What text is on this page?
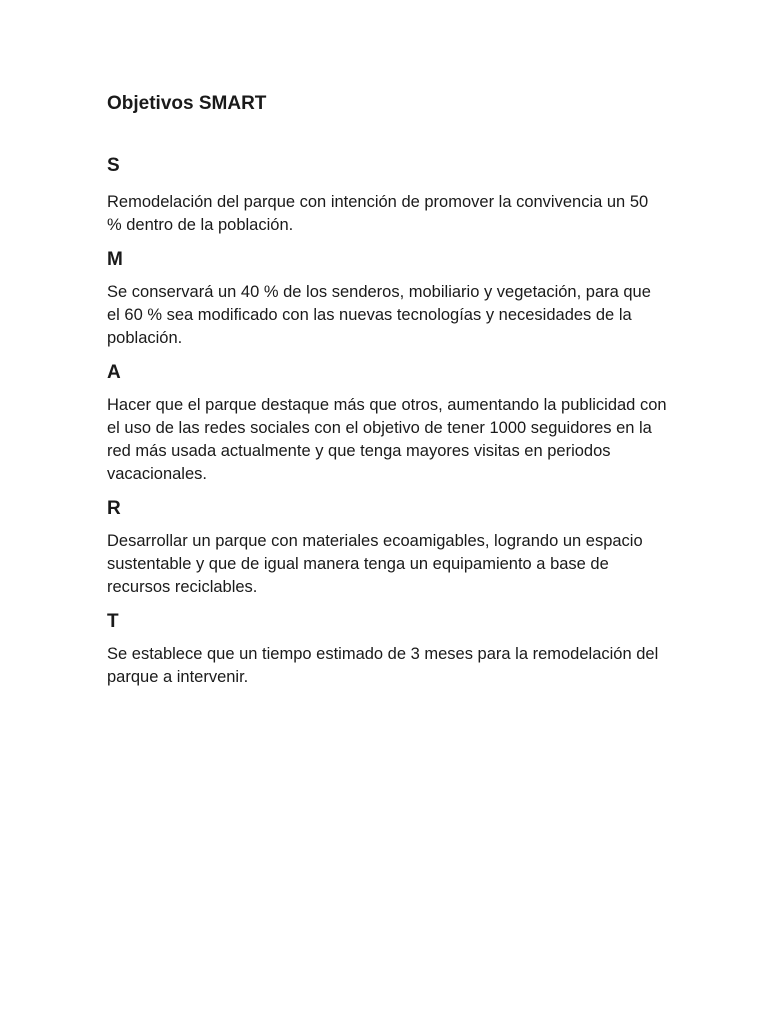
Objetivos SMART
S

Remodelación del parque con intención de promover la convivencia un 50 % dentro de la población.

M

Se conservará un 40 % de los senderos, mobiliario y vegetación, para que el 60 % sea modificado con las nuevas tecnologías y necesidades de la población.

A

Hacer que el parque destaque más que otros, aumentando la publicidad con el uso de las redes sociales con el objetivo de tener 1000 seguidores en la red más usada actualmente y que tenga mayores visitas en periodos vacacionales.

R

Desarrollar un parque con materiales ecoamigables, logrando un espacio sustentable y que de igual manera tenga un equipamiento a base de recursos reciclables.

T

Se establece que un tiempo estimado de 3 meses para la remodelación del parque a intervenir.
